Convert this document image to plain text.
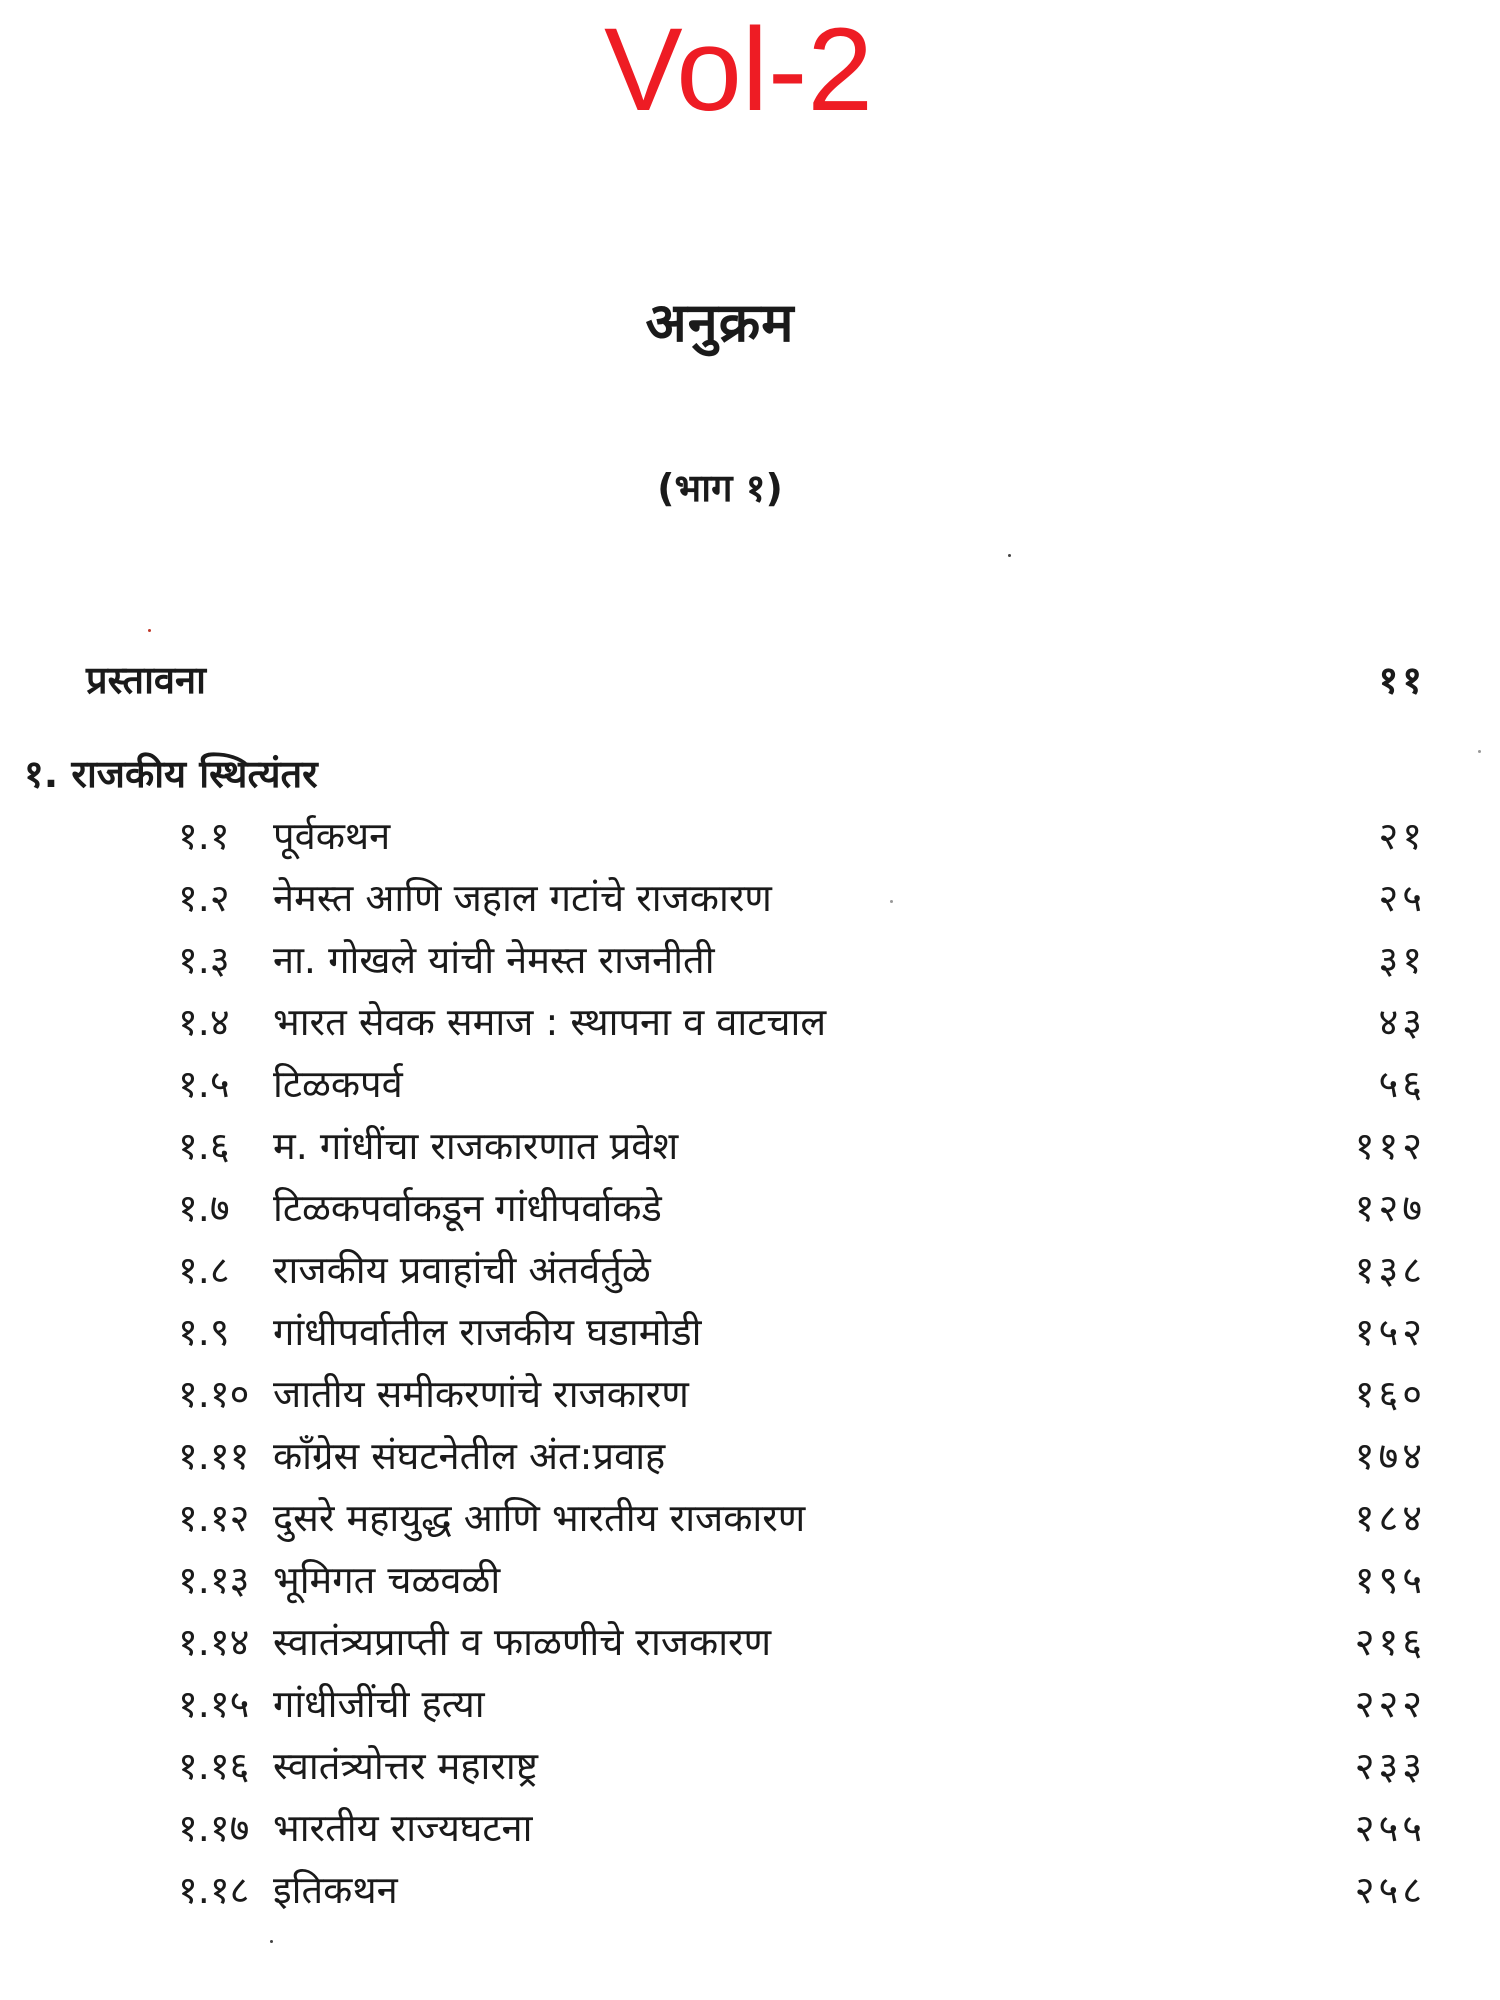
Vol-2
अनुक्रम
(भाग १)
प्रस्तावना	११
१. राजकीय स्थित्यंतर
१.१ पूर्वकथन	२१
१.२ नेमस्त आणि जहाल गटांचे राजकारण	२५
१.३ ना. गोखले यांची नेमस्त राजनीती	३१
१.४ भारत सेवक समाज : स्थापना व वाटचाल	४३
१.५ टिळकपर्व	५६
१.६ म. गांधींचा राजकारणात प्रवेश	११२
१.७ टिळकपर्वाकडून गांधीपर्वाकडे	१२७
१.८ राजकीय प्रवाहांची अंतर्वर्तुळे	१३८
१.९ गांधीपर्वातील राजकीय घडामोडी	१५२
१.१० जातीय समीकरणांचे राजकारण	१६०
१.११ काँग्रेस संघटनेतील अंत:प्रवाह	१७४
१.१२ दुसरे महायुद्ध आणि भारतीय राजकारण	१८४
१.१३ भूमिगत चळवळी	१९५
१.१४ स्वातंत्र्यप्राप्ती व फाळणीचे राजकारण	२१६
१.१५ गांधीजींची हत्या	२२२
१.१६ स्वातंत्र्योत्तर महाराष्ट्र	२३३
१.१७ भारतीय राज्यघटना	२५५
१.१८ इतिकथन	२५८
